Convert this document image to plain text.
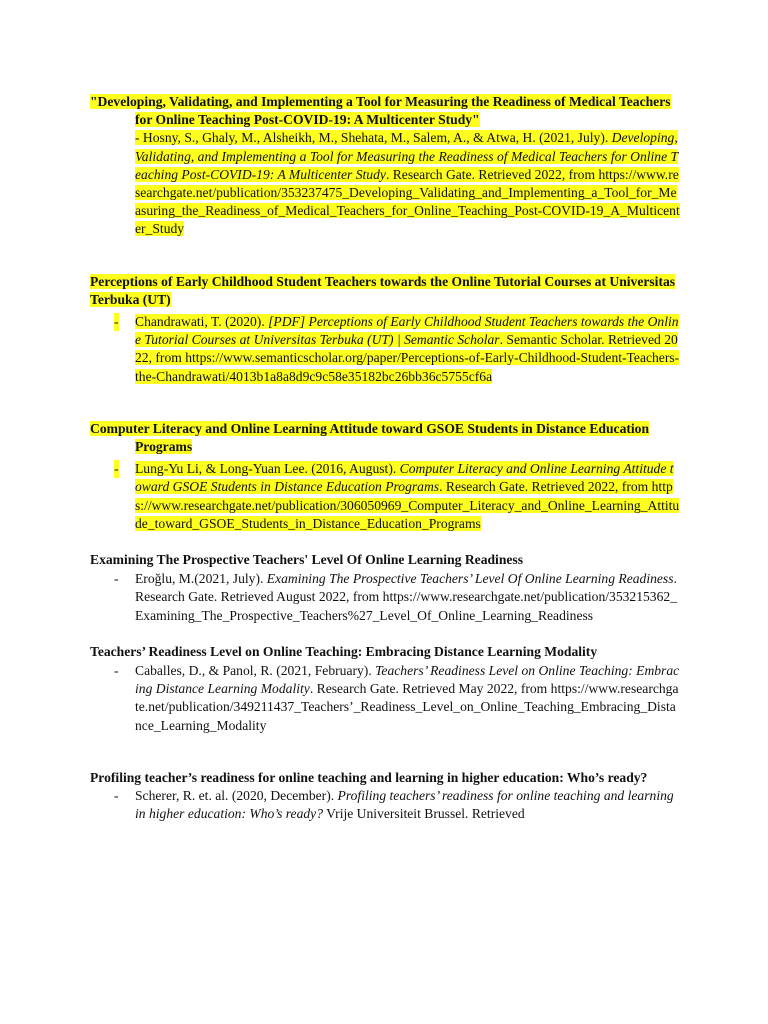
"Developing, Validating, and Implementing a Tool for Measuring the Readiness of Medical Teachers for Online Teaching Post-COVID-19: A Multicenter Study"

- Hosny, S., Ghaly, M., Alsheikh, M., Shehata, M., Salem, A., & Atwa, H. (2021, July). Developing, Validating, and Implementing a Tool for Measuring the Readiness of Medical Teachers for Online Teaching Post-COVID-19: A Multicenter Study. Research Gate. Retrieved 2022, from https://www.researchgate.net/publication/353237475_Developing_Validating_and_Implementing_a_Tool_for_Measuring_the_Readiness_of_Medical_Teachers_for_Online_Teaching_Post-COVID-19_A_Multicenter_Study

Perceptions of Early Childhood Student Teachers towards the Online Tutorial Courses at Universitas Terbuka (UT)

- Chandrawati, T. (2020). [PDF] Perceptions of Early Childhood Student Teachers towards the Online Tutorial Courses at Universitas Terbuka (UT) | Semantic Scholar. Semantic Scholar. Retrieved 2022, from https://www.semanticscholar.org/paper/Perceptions-of-Early-Childhood-Student-Teachers-the-Chandrawati/4013b1a8a8d9c9c58e35182bc26bb36c5755cf6a

Computer Literacy and Online Learning Attitude toward GSOE Students in Distance Education Programs

- Lung-Yu Li, & Long-Yuan Lee. (2016, August). Computer Literacy and Online Learning Attitude toward GSOE Students in Distance Education Programs. Research Gate. Retrieved 2022, from https://www.researchgate.net/publication/306050969_Computer_Literacy_and_Online_Learning_Attitude_toward_GSOE_Students_in_Distance_Education_Programs

Examining The Prospective Teachers' Level Of Online Learning Readiness

- Eroğlu, M.(2021, July). Examining The Prospective Teachers’ Level Of Online Learning Readiness. Research Gate. Retrieved August 2022, from https://www.researchgate.net/publication/353215362_Examining_The_Prospective_Teachers%27_Level_Of_Online_Learning_Readiness

Teachers’ Readiness Level on Online Teaching: Embracing Distance Learning Modality

- Caballes, D., & Panol, R. (2021, February). Teachers’ Readiness Level on Online Teaching: Embracing Distance Learning Modality. Research Gate. Retrieved May 2022, from https://www.researchgate.net/publication/349211437_Teachers’_Readiness_Level_on_Online_Teaching_Embracing_Distance_Learning_Modality

Profiling teacher’s readiness for online teaching and learning in higher education: Who’s ready?

- Scherer, R. et. al. (2020, December). Profiling teachers’ readiness for online teaching and learning in higher education: Who’s ready? Vrije Universiteit Brussel. Retrieved
